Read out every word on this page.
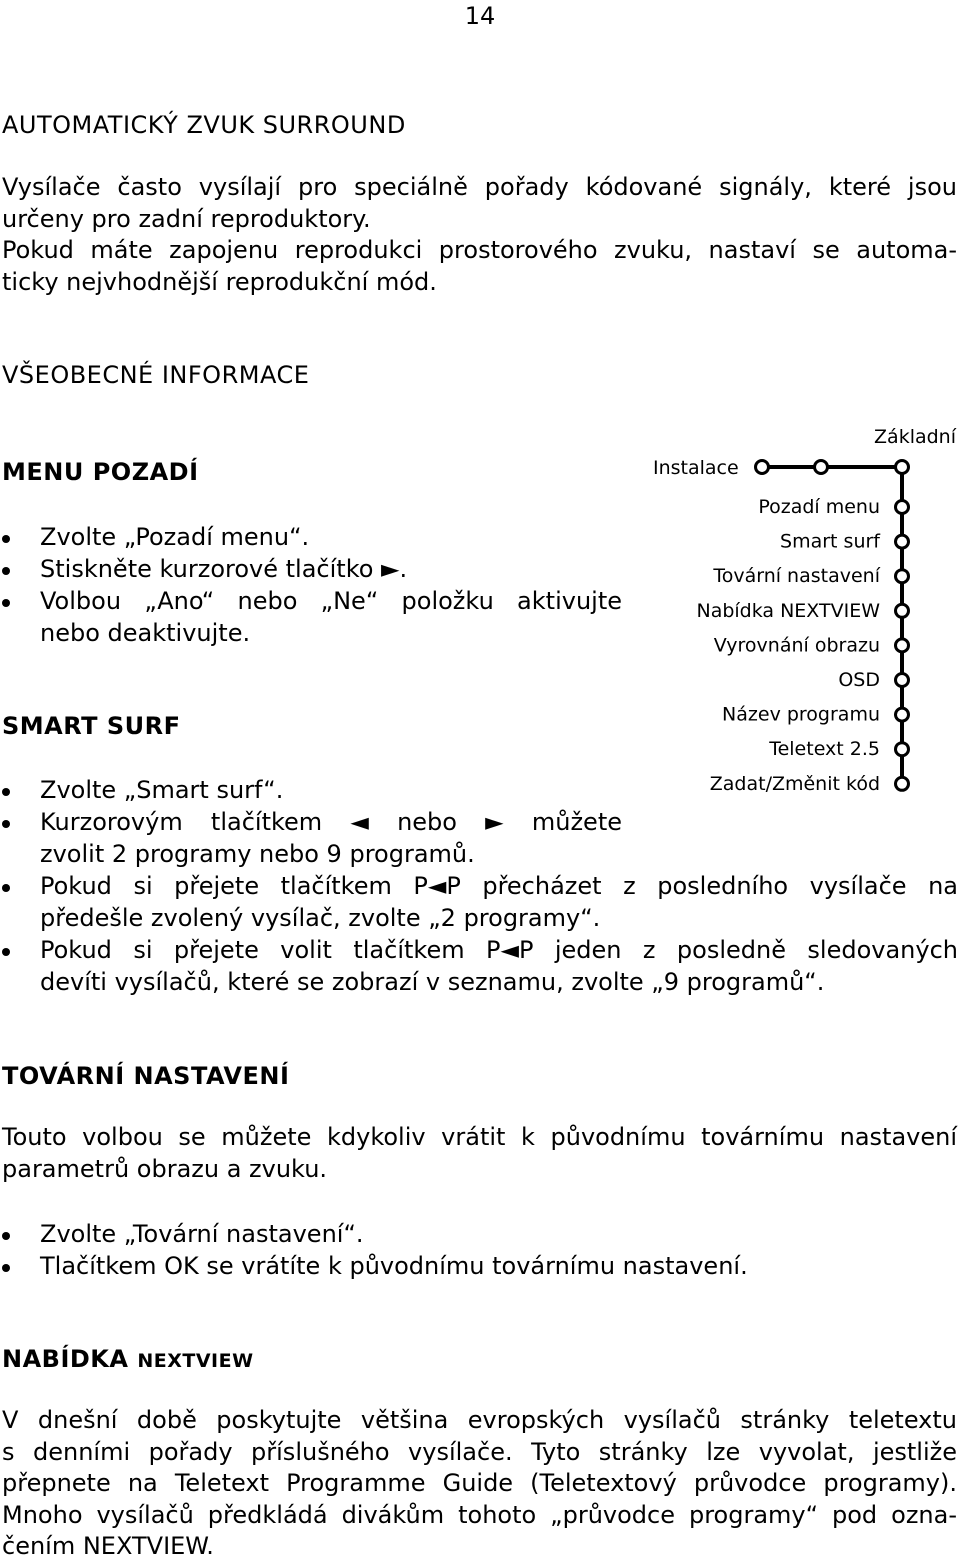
14
AUTOMATICKÝ ZVUK SURROUND
Vysílače často vysílají pro speciálně pořady kódované signály, které jsou
určeny pro zadní reproduktory.
Pokud máte zapojenu reprodukci prostorového zvuku, nastaví se automa-
ticky nejvhodnější reprodukční mód.
VŠEOBECNÉ INFORMACE
MENU POZADÍ
Zvolte „Pozadí menu“.
Stiskněte kurzorové tlačítko ►.
Volbou „Ano“ nebo „Ne“ položku aktivujte
nebo deaktivujte.
SMART SURF
Zvolte „Smart surf“.
Kurzorovým tlačítkem ◄ nebo ► můžete
zvolit 2 programy nebo 9 programů.
Pokud si přejete tlačítkem P◄P přecházet z posledního vysílače na
předešle zvolený vysílač, zvolte „2 programy“.
Pokud si přejete volit tlačítkem P◄P jeden z posledně sledovaných
devíti vysílačů, které se zobrazí v seznamu, zvolte „9 programů“.
TOVÁRNÍ NASTAVENÍ
Touto volbou se můžete kdykoliv vrátit k původnímu továrnímu nastavení
parametrů obrazu a zvuku.
Zvolte „Tovární nastavení“.
Tlačítkem OK se vrátíte k původnímu továrnímu nastavení.
NABÍDKA NEXTVIEW
V dnešní době poskytujte většina evropských vysílačů stránky teletextu
s denními pořady příslušného vysílače. Tyto stránky lze vyvolat, jestliže
přepnete na Teletext Programme Guide (Teletextový průvodce programy).
Mnoho vysílačů předkládá divákům tohoto „průvodce programy“ pod ozna-
čením NEXTVIEW.
Instalace
Základní
Pozadí menu
Smart surf
Tovární nastavení
Nabídka NEXTVIEW
Vyrovnání obrazu
OSD
Název programu
Teletext 2.5
Zadat/Změnit kód
